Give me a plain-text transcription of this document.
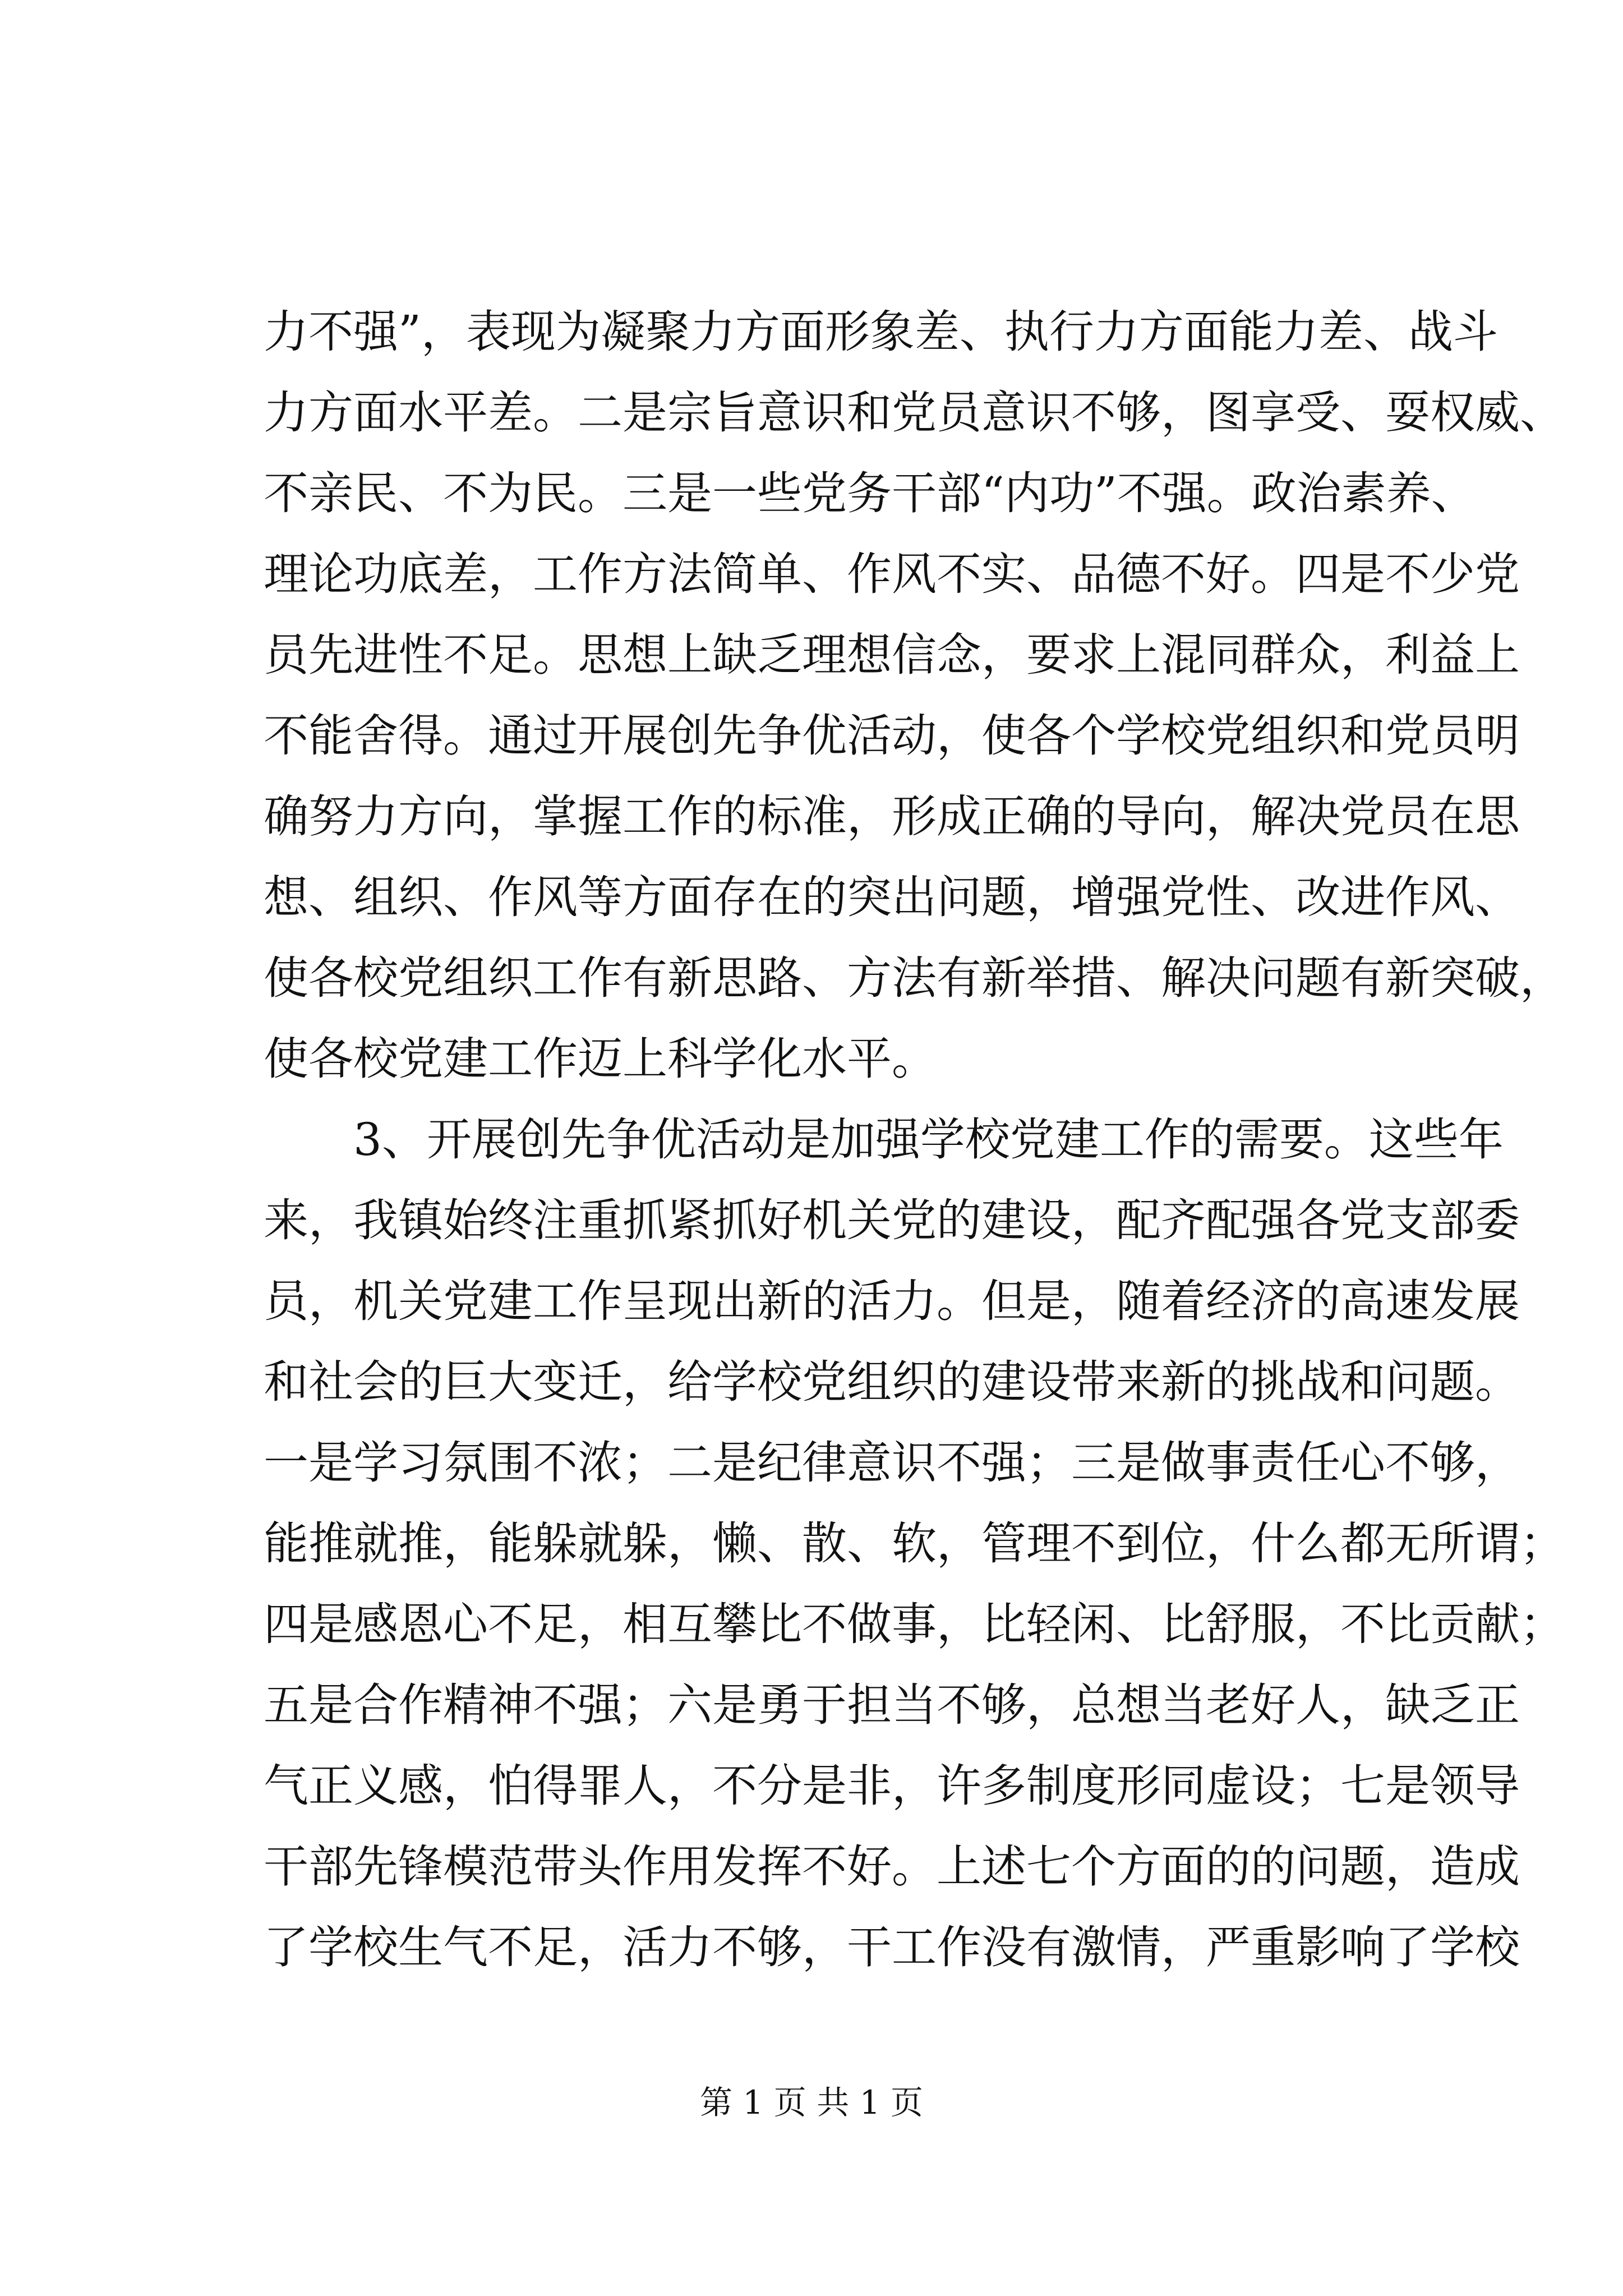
力不强”，表现为凝聚力方面形象差、执行力方面能力差、战斗
力方面水平差。二是宗旨意识和党员意识不够，图享受、耍权威、
不亲民、不为民。三是一些党务干部“内功”不强。政治素养、
理论功底差，工作方法简单、作风不实、品德不好。四是不少党
员先进性不足。思想上缺乏理想信念，要求上混同群众，利益上
不能舍得。通过开展创先争优活动，使各个学校党组织和党员明
确努力方向，掌握工作的标准，形成正确的导向，解决党员在思
想、组织、作风等方面存在的突出问题，增强党性、改进作风、
使各校党组织工作有新思路、方法有新举措、解决问题有新突破，
使各校党建工作迈上科学化水平。
　　3、开展创先争优活动是加强学校党建工作的需要。这些年
来，我镇始终注重抓紧抓好机关党的建设，配齐配强各党支部委
员，机关党建工作呈现出新的活力。但是，随着经济的高速发展
和社会的巨大变迁，给学校党组织的建设带来新的挑战和问题。
一是学习氛围不浓；二是纪律意识不强；三是做事责任心不够，
能推就推，能躲就躲，懒、散、软，管理不到位，什么都无所谓；
四是感恩心不足，相互攀比不做事，比轻闲、比舒服，不比贡献；
五是合作精神不强；六是勇于担当不够，总想当老好人，缺乏正
气正义感，怕得罪人，不分是非，许多制度形同虚设；七是领导
干部先锋模范带头作用发挥不好。上述七个方面的的问题，造成
了学校生气不足，活力不够，干工作没有激情，严重影响了学校
第 1 页 共 1 页
